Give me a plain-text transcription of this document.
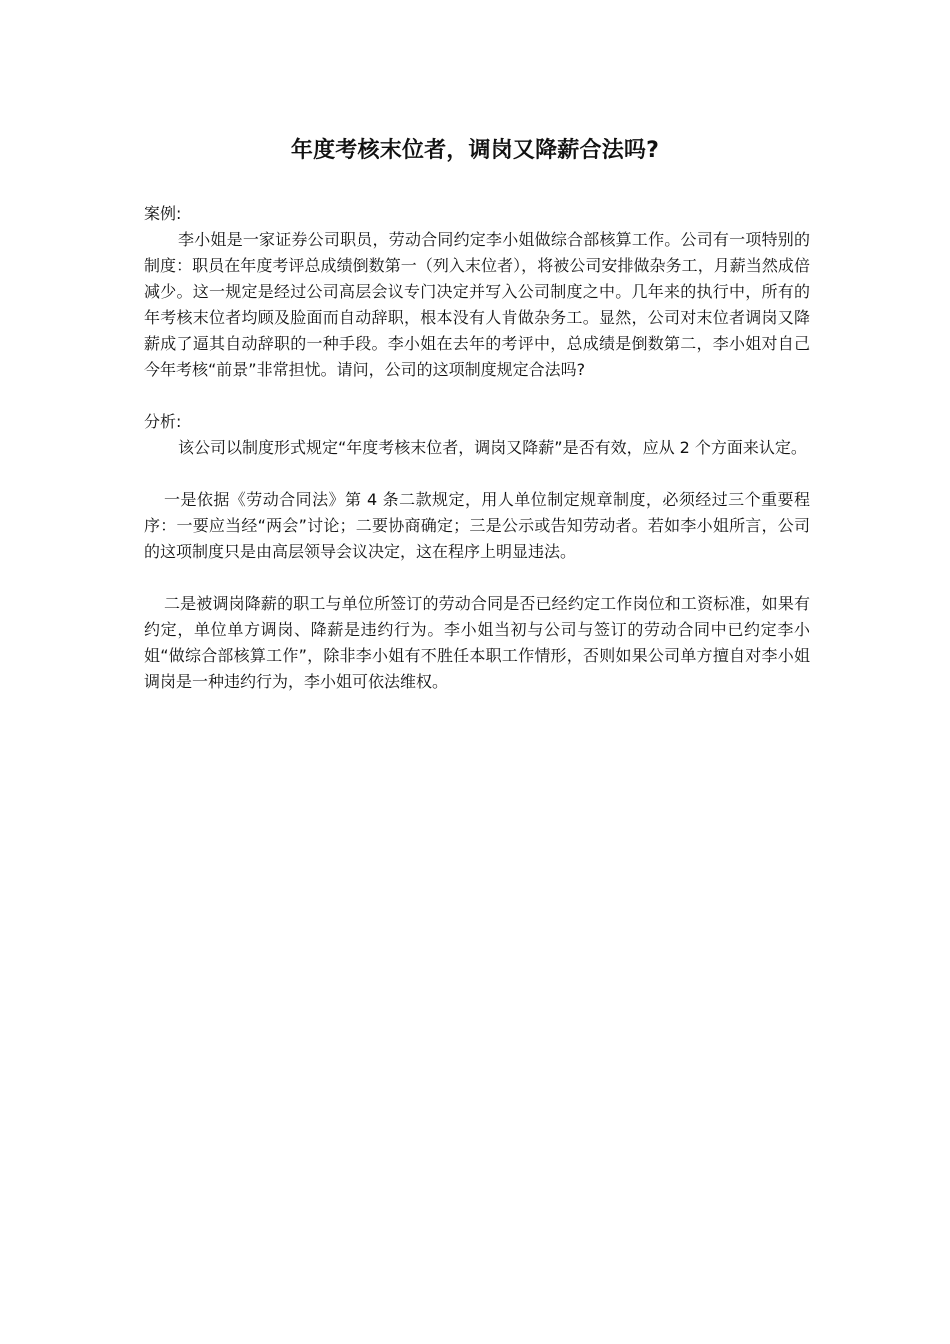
年度考核末位者，调岗又降薪合法吗?

案例:

李小姐是一家证券公司职员，劳动合同约定李小姐做综合部核算工作。公司有一项特别的制度：职员在年度考评总成绩倒数第一（列入末位者），将被公司安排做杂务工，月薪当然成倍减少。这一规定是经过公司高层会议专门决定并写入公司制度之中。几年来的执行中，所有的年考核末位者均顾及脸面而自动辞职，根本没有人肯做杂务工。显然，公司对末位者调岗又降薪成了逼其自动辞职的一种手段。李小姐在去年的考评中，总成绩是倒数第二，李小姐对自己今年考核“前景”非常担忧。请问，公司的这项制度规定合法吗?

分析:

该公司以制度形式规定“年度考核末位者，调岗又降薪”是否有效，应从 2 个方面来认定。

一是依据《劳动合同法》第 4 条二款规定，用人单位制定规章制度，必须经过三个重要程序：一要应当经“两会”讨论；二要协商确定；三是公示或告知劳动者。若如李小姐所言，公司的这项制度只是由高层领导会议决定，这在程序上明显违法。

二是被调岗降薪的职工与单位所签订的劳动合同是否已经约定工作岗位和工资标准，如果有约定，单位单方调岗、降薪是违约行为。李小姐当初与公司与签订的劳动合同中已约定李小姐“做综合部核算工作”，除非李小姐有不胜任本职工作情形，否则如果公司单方擅自对李小姐调岗是一种违约行为，李小姐可依法维权。
